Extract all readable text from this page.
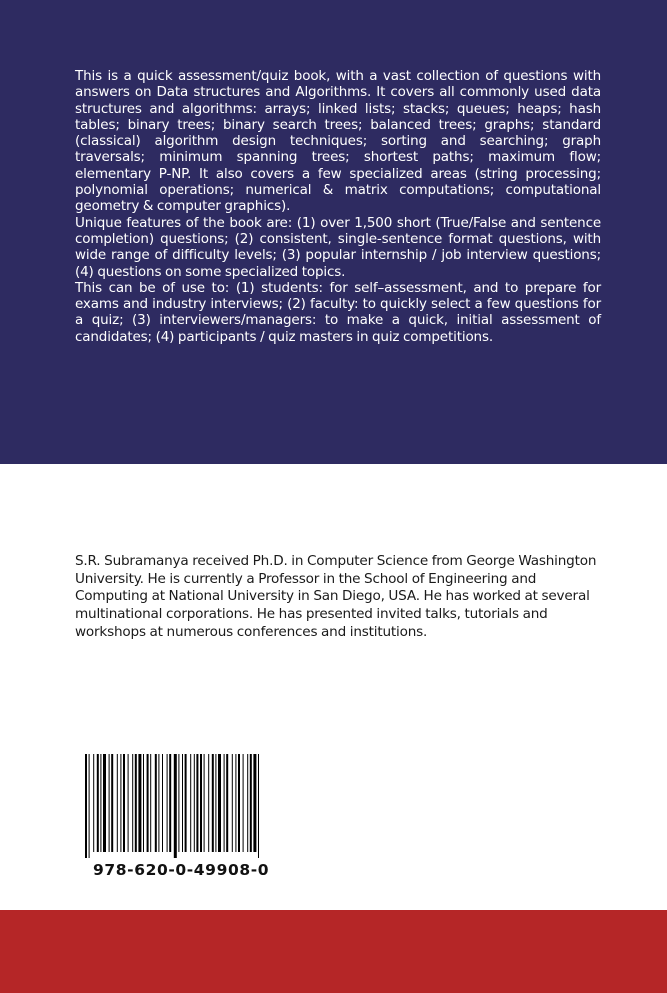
This is a quick assessment/quiz book, with a vast collection of questions with answers on Data structures and Algorithms. It covers all commonly used data structures and algorithms: arrays; linked lists; stacks; queues; heaps; hash tables; binary trees; binary search trees; balanced trees; graphs; standard (classical) algorithm design techniques; sorting and searching; graph traversals; minimum spanning trees; shortest paths; maximum flow; elementary P-NP. It also covers a few specialized areas (string processing; polynomial operations; numerical & matrix computations; computational geometry & computer graphics).

Unique features of the book are: (1) over 1,500 short (True/False and sentence completion) questions; (2) consistent, single-sentence format questions, with wide range of difficulty levels; (3) popular internship / job interview questions; (4) questions on some specialized topics.

This can be of use to: (1) students: for self–assessment, and to prepare for exams and industry interviews; (2) faculty: to quickly select a few questions for a quiz; (3) interviewers/managers: to make a quick, initial assessment of candidates; (4) participants / quiz masters in quiz competitions.

S.R. Subramanya received Ph.D. in Computer Science from George Washington University. He is currently a Professor in the School of Engineering and Computing at National University in San Diego, USA. He has worked at several multinational corporations. He has presented invited talks, tutorials and workshops at numerous conferences and institutions.

978-620-0-49908-0
